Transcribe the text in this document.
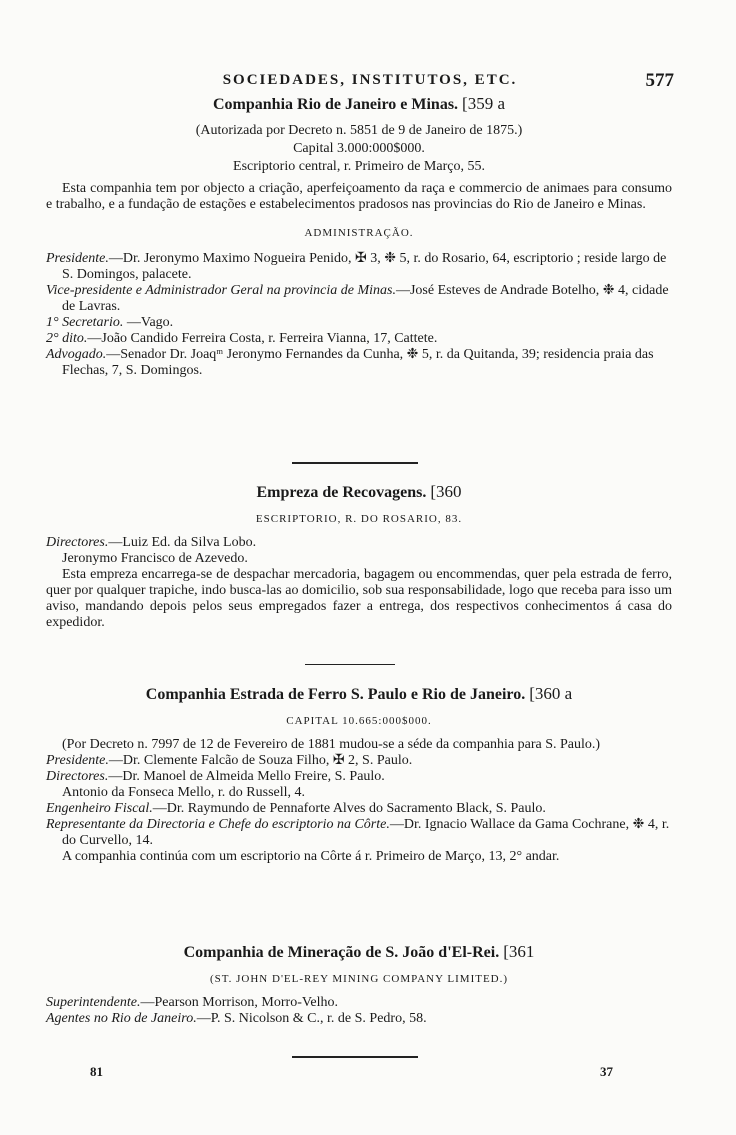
SOCIEDADES, INSTITUTOS, ETC.	577
Companhia Rio de Janeiro e Minas. [359 a
(Autorizada por Decreto n. 5851 de 9 de Janeiro de 1875.)
Capital 3.000:000$000.
Escriptorio central, r. Primeiro de Março, 55.

Esta companhia tem por objecto a criação, aperfeiçoamento da raça e commercio de animaes para consumo e trabalho, e a fundação de estações e estabelecimentos pradosos nas provincias do Rio de Janeiro e Minas.

ADMINISTRAÇÃO.

Presidente.—Dr. Jeronymo Maximo Nogueira Penido, ✠ 3, ❉ 5, r. do Rosario, 64, escriptorio ; reside largo de S. Domingos, palacete.

Vice-presidente e Administrador Geral na provincia de Minas.—José Esteves de Andrade Botelho, ❉ 4, cidade de Lavras.

1° Secretario. —Vago.

2° dito.—João Candido Ferreira Costa, r. Ferreira Vianna, 17, Cattete.

Advogado.—Senador Dr. Joaqᵐ Jeronymo Fernandes da Cunha, ❉ 5, r. da Quitanda, 39; residencia praia das Flechas, 7, S. Domingos.

Empreza de Recovagens. [360
ESCRIPTORIO, R. DO ROSARIO, 83.

Directores.—Luiz Ed. da Silva Lobo.

Jeronymo Francisco de Azevedo.

Esta empreza encarrega-se de despachar mercadoria, bagagem ou encommendas, quer pela estrada de ferro, quer por qualquer trapiche, indo busca-las ao domicilio, sob sua responsabilidade, logo que receba para isso um aviso, mandando depois pelos seus empregados fazer a entrega, dos respectivos conhecimentos á casa do expedidor.

Companhia Estrada de Ferro S. Paulo e Rio de Janeiro. [360 a
CAPITAL 10.665:000$000.

(Por Decreto n. 7997 de 12 de Fevereiro de 1881 mudou-se a séde da companhia para S. Paulo.)

Presidente.—Dr. Clemente Falcão de Souza Filho, ✠ 2, S. Paulo.

Directores.—Dr. Manoel de Almeida Mello Freire, S. Paulo.

Antonio da Fonseca Mello, r. do Russell, 4.

Engenheiro Fiscal.—Dr. Raymundo de Pennaforte Alves do Sacramento Black, S. Paulo.

Representante da Directoria e Chefe do escriptorio na Côrte.—Dr. Ignacio Wallace da Gama Cochrane, ❉ 4, r. do Curvello, 14.

A companhia continúa com um escriptorio na Côrte á r. Primeiro de Março, 13, 2° andar.

Companhia de Mineração de S. João d'El-Rei. [361
(ST. JOHN D'EL-REY MINING COMPANY LIMITED.)

Superintendente.—Pearson Morrison, Morro-Velho.

Agentes no Rio de Janeiro.—P. S. Nicolson & C., r. de S. Pedro, 58.

81	37
